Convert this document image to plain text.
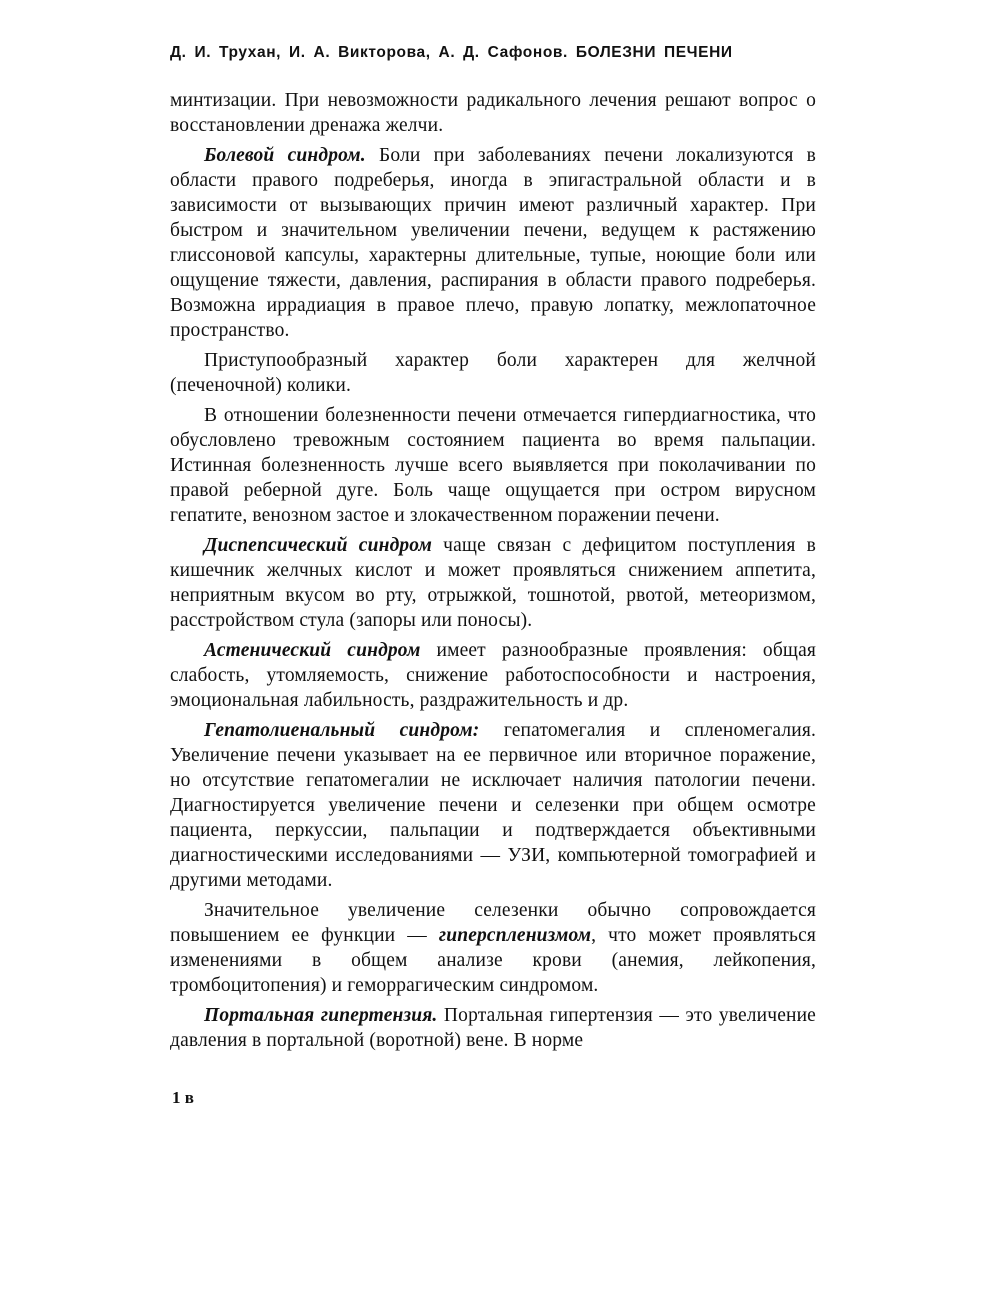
Д. И. Трухан, И. А. Викторова, А. Д. Сафонов. БОЛЕЗНИ ПЕЧЕНИ

минтизации. При невозможности радикального лечения решают вопрос о восстановлении дренажа желчи.

Болевой синдром. Боли при заболеваниях печени локализуются в области правого подреберья, иногда в эпигастральной области и в зависимости от вызывающих причин имеют различный характер. При быстром и значительном увеличении печени, ведущем к растяжению глиссоновой капсулы, характерны длительные, тупые, ноющие боли или ощущение тяжести, давления, распирания в области правого подреберья. Возможна иррадиация в правое плечо, правую лопатку, межлопаточное пространство.

Приступообразный характер боли характерен для желчной (печеночной) колики.

В отношении болезненности печени отмечается гипердиагностика, что обусловлено тревожным состоянием пациента во время пальпации. Истинная болезненность лучше всего выявляется при поколачивании по правой реберной дуге. Боль чаще ощущается при остром вирусном гепатите, венозном застое и злокачественном поражении печени.

Диспепсический синдром чаще связан с дефицитом поступления в кишечник желчных кислот и может проявляться снижением аппетита, неприятным вкусом во рту, отрыжкой, тошнотой, рвотой, метеоризмом, расстройством стула (запоры или поносы).

Астенический синдром имеет разнообразные проявления: общая слабость, утомляемость, снижение работоспособности и настроения, эмоциональная лабильность, раздражительность и др.

Гепатолиенальный синдром: гепатомегалия и спленомегалия. Увеличение печени указывает на ее первичное или вторичное поражение, но отсутствие гепатомегалии не исключает наличия патологии печени. Диагностируется увеличение печени и селезенки при общем осмотре пациента, перкуссии, пальпации и подтверждается объективными диагностическими исследованиями — УЗИ, компьютерной томографией и другими методами.

Значительное увеличение селезенки обычно сопровождается повышением ее функции — гиперспленизмом, что может проявляться изменениями в общем анализе крови (анемия, лейкопения, тромбоцитопения) и геморрагическим синдромом.

Портальная гипертензия. Портальная гипертензия — это увеличение давления в портальной (воротной) вене. В норме

1 в
